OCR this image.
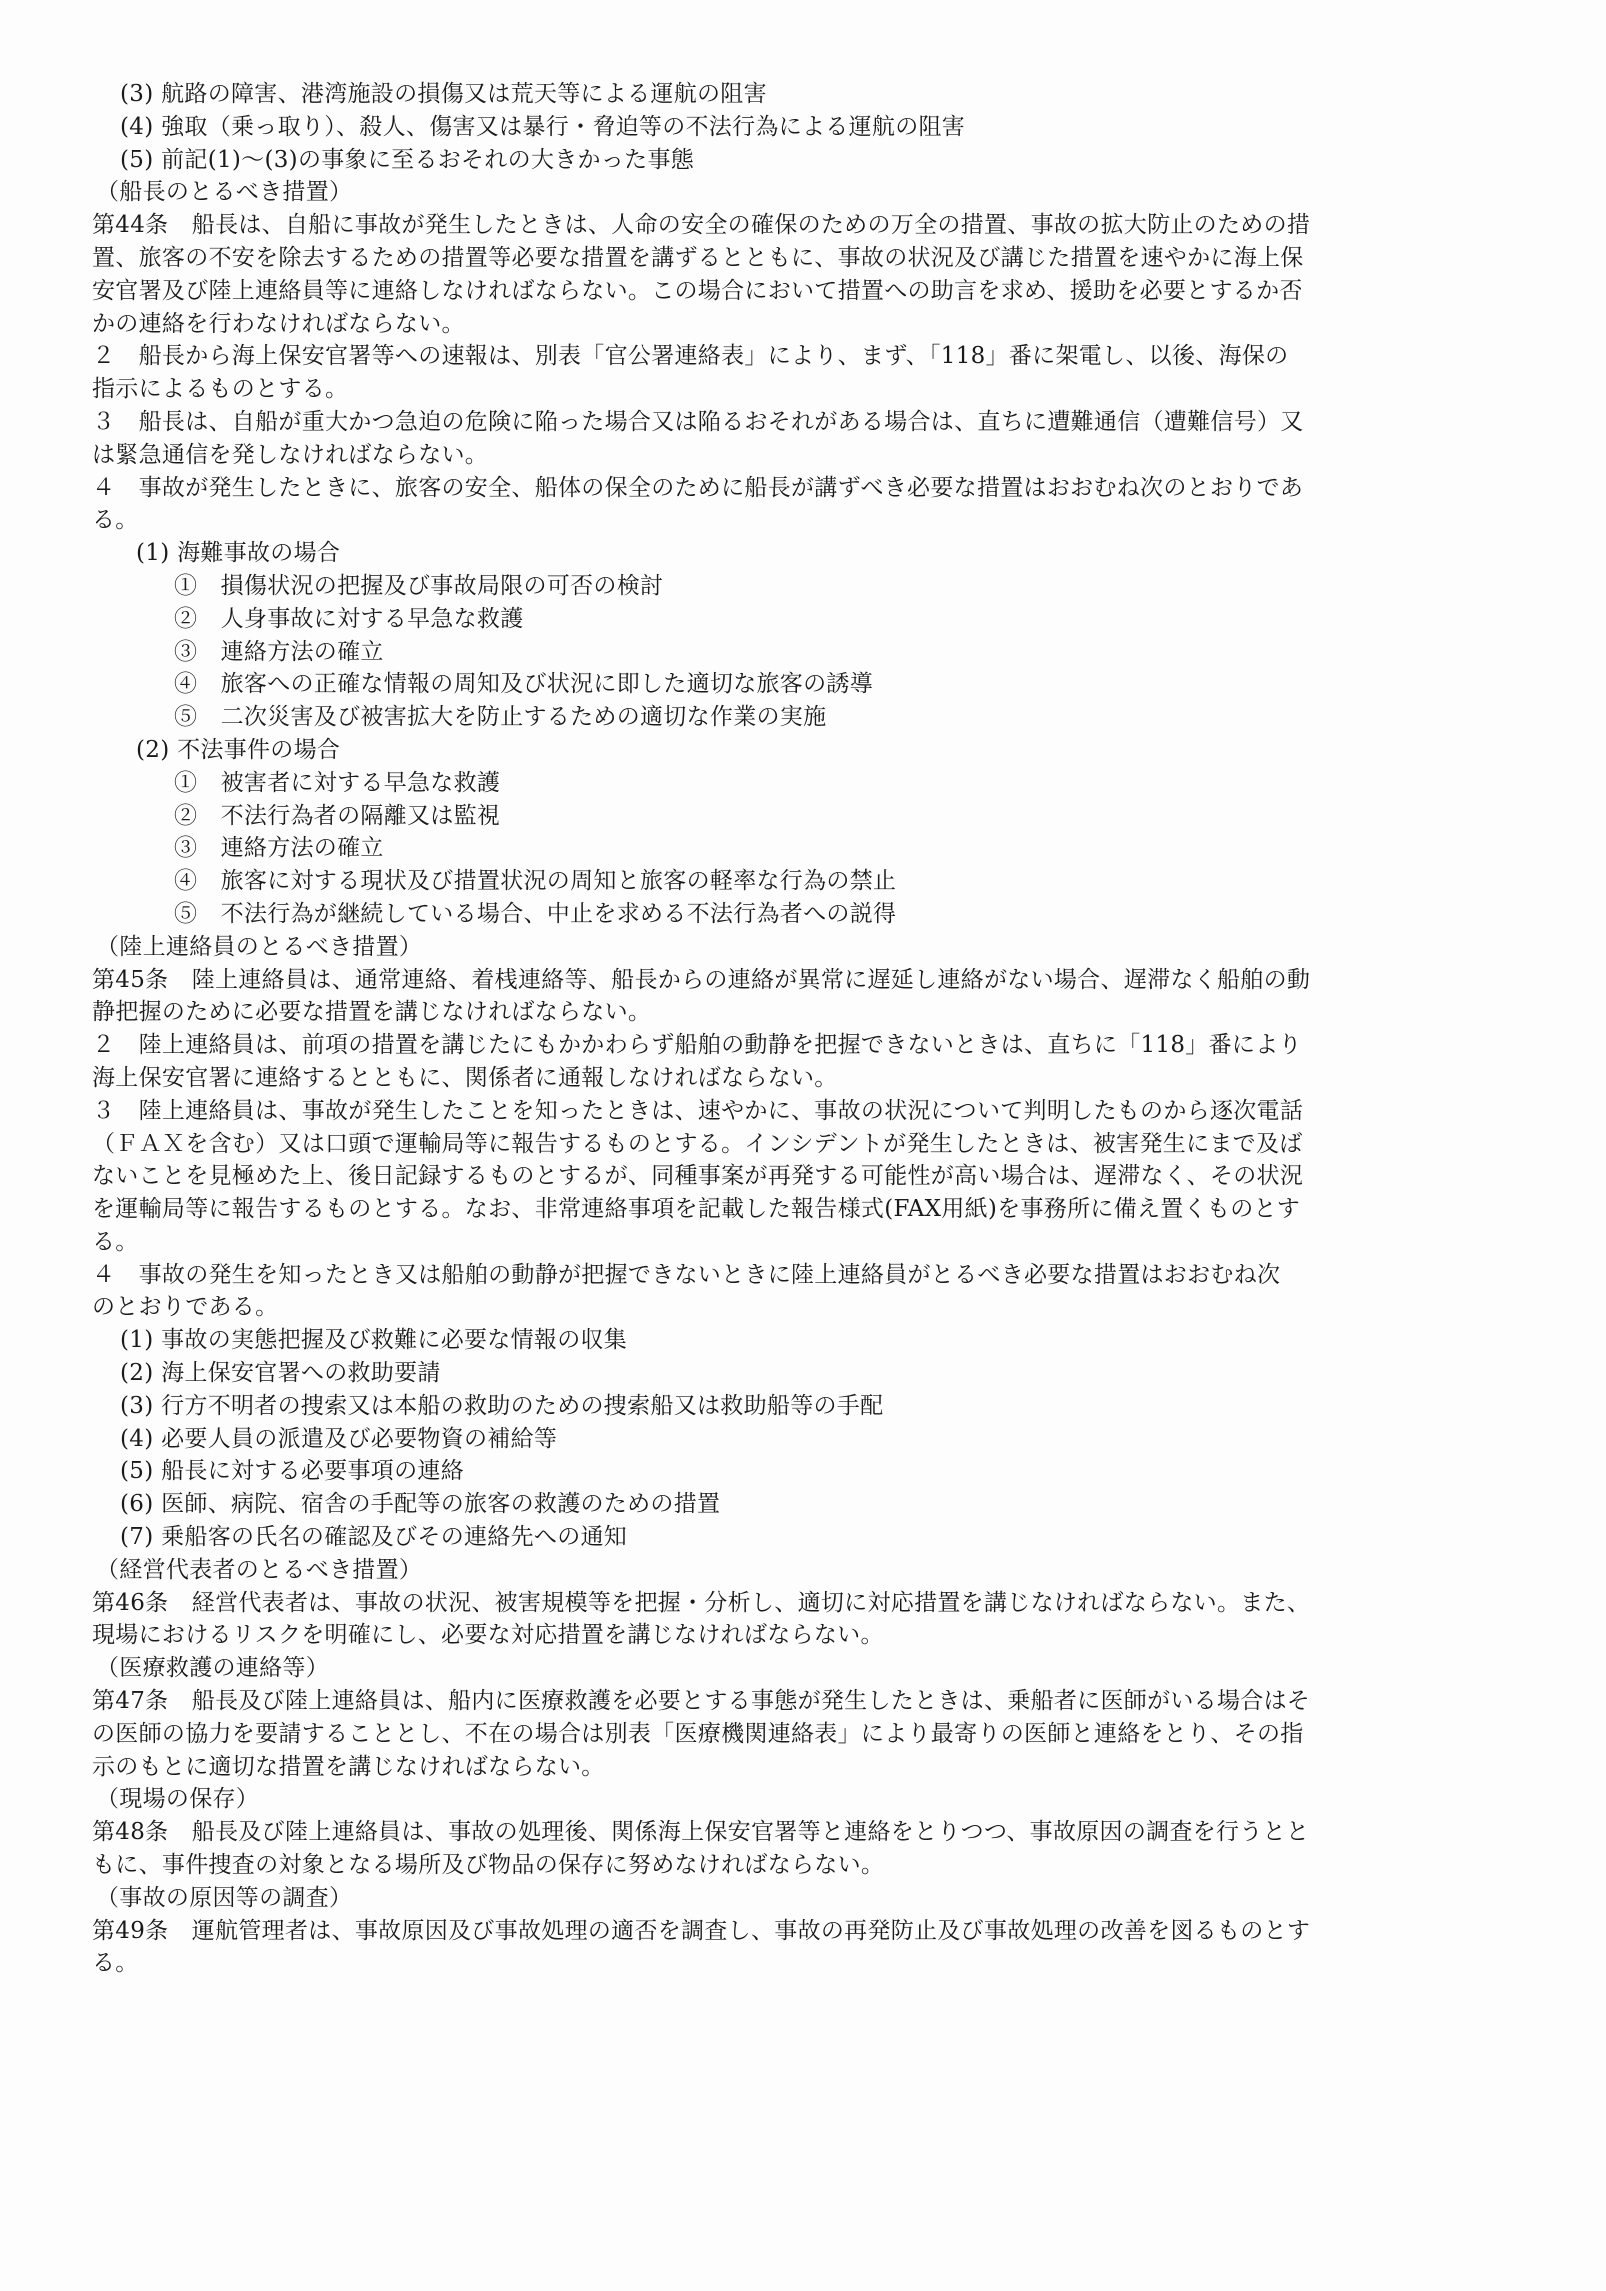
(3) 航路の障害、港湾施設の損傷又は荒天等による運航の阻害
(4) 強取（乗っ取り）、殺人、傷害又は暴行・脅迫等の不法行為による運航の阻害
(5) 前記(1)～(3)の事象に至るおそれの大きかった事態
（船長のとるべき措置）
第44条　船長は、自船に事故が発生したときは、人命の安全の確保のための万全の措置、事故の拡大防止のための措
置、旅客の不安を除去するための措置等必要な措置を講ずるとともに、事故の状況及び講じた措置を速やかに海上保
安官署及び陸上連絡員等に連絡しなければならない。この場合において措置への助言を求め、援助を必要とするか否
かの連絡を行わなければならない。
２　船長から海上保安官署等への速報は、別表「官公署連絡表」により、まず、「118」番に架電し、以後、海保の
指示によるものとする。
３　船長は、自船が重大かつ急迫の危険に陥った場合又は陥るおそれがある場合は、直ちに遭難通信（遭難信号）又
は緊急通信を発しなければならない。
４　事故が発生したときに、旅客の安全、船体の保全のために船長が講ずべき必要な措置はおおむね次のとおりであ
る。
(1) 海難事故の場合
①　損傷状況の把握及び事故局限の可否の検討
②　人身事故に対する早急な救護
③　連絡方法の確立
④　旅客への正確な情報の周知及び状況に即した適切な旅客の誘導
⑤　二次災害及び被害拡大を防止するための適切な作業の実施
(2) 不法事件の場合
①　被害者に対する早急な救護
②　不法行為者の隔離又は監視
③　連絡方法の確立
④　旅客に対する現状及び措置状況の周知と旅客の軽率な行為の禁止
⑤　不法行為が継続している場合、中止を求める不法行為者への説得
（陸上連絡員のとるべき措置）
第45条　陸上連絡員は、通常連絡、着桟連絡等、船長からの連絡が異常に遅延し連絡がない場合、遅滞なく船舶の動
静把握のために必要な措置を講じなければならない。
２　陸上連絡員は、前項の措置を講じたにもかかわらず船舶の動静を把握できないときは、直ちに「118」番により
海上保安官署に連絡するとともに、関係者に通報しなければならない。
３　陸上連絡員は、事故が発生したことを知ったときは、速やかに、事故の状況について判明したものから逐次電話
（ＦＡＸを含む）又は口頭で運輸局等に報告するものとする。インシデントが発生したときは、被害発生にまで及ば
ないことを見極めた上、後日記録するものとするが、同種事案が再発する可能性が高い場合は、遅滞なく、その状況
を運輸局等に報告するものとする。なお、非常連絡事項を記載した報告様式(FAX用紙)を事務所に備え置くものとす
る。
４　事故の発生を知ったとき又は船舶の動静が把握できないときに陸上連絡員がとるべき必要な措置はおおむね次
のとおりである。
(1) 事故の実態把握及び救難に必要な情報の収集
(2) 海上保安官署への救助要請
(3) 行方不明者の捜索又は本船の救助のための捜索船又は救助船等の手配
(4) 必要人員の派遣及び必要物資の補給等
(5) 船長に対する必要事項の連絡
(6) 医師、病院、宿舎の手配等の旅客の救護のための措置
(7) 乗船客の氏名の確認及びその連絡先への通知
（経営代表者のとるべき措置）
第46条　経営代表者は、事故の状況、被害規模等を把握・分析し、適切に対応措置を講じなければならない。また、
現場におけるリスクを明確にし、必要な対応措置を講じなければならない。
（医療救護の連絡等）
第47条　船長及び陸上連絡員は、船内に医療救護を必要とする事態が発生したときは、乗船者に医師がいる場合はそ
の医師の協力を要請することとし、不在の場合は別表「医療機関連絡表」により最寄りの医師と連絡をとり、その指
示のもとに適切な措置を講じなければならない。
（現場の保存）
第48条　船長及び陸上連絡員は、事故の処理後、関係海上保安官署等と連絡をとりつつ、事故原因の調査を行うとと
もに、事件捜査の対象となる場所及び物品の保存に努めなければならない。
（事故の原因等の調査）
第49条　運航管理者は、事故原因及び事故処理の適否を調査し、事故の再発防止及び事故処理の改善を図るものとす
る。
